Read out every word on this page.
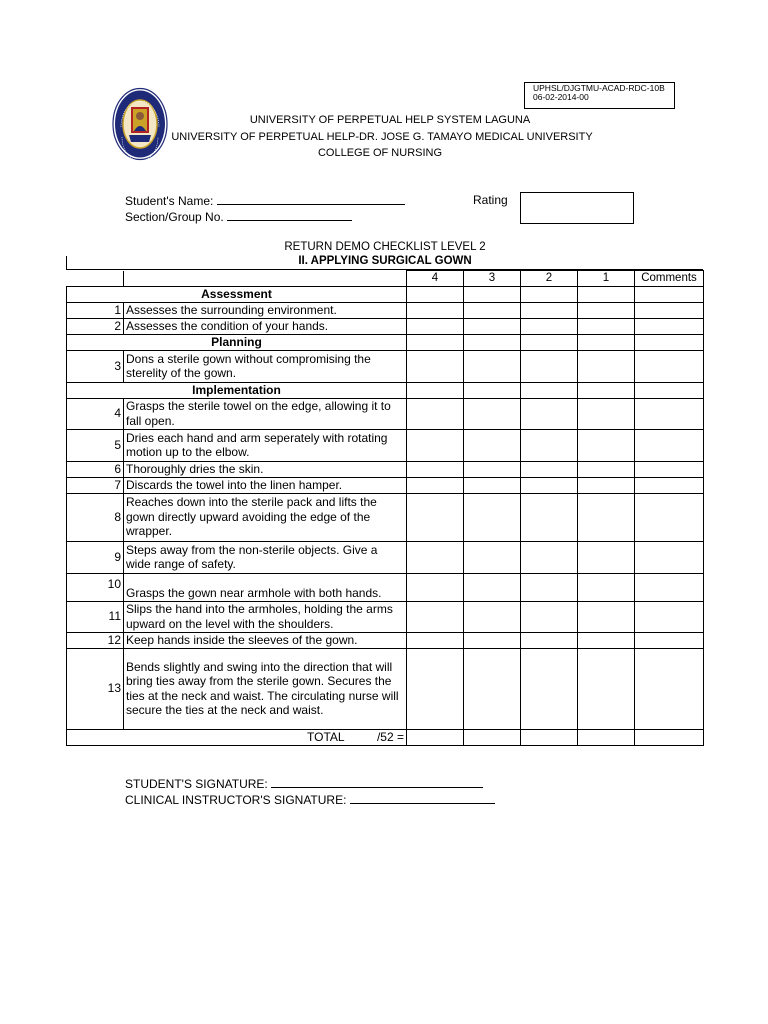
UPHSL/DJGTMU-ACAD-RDC-10B
06-02-2014-00
UNIVERSITY OF PERPETUAL HELP SYSTEM LAGUNA
UNIVERSITY OF PERPETUAL HELP-DR. JOSE G. TAMAYO MEDICAL UNIVERSITY
COLLEGE OF NURSING
Student's Name:
Section/Group No.
Rating
RETURN DEMO CHECKLIST LEVEL 2
II. APPLYING SURGICAL GOWN
		4	3	2	1	Comments
Assessment						
1	Assesses the surrounding environment.					
2	Assesses the condition of your hands.					
Planning						
3	Dons a sterile gown without compromising the sterelity of the gown.					
Implementation						
4	Grasps the sterile towel on the edge, allowing it to fall open.					
5	Dries each hand and arm seperately with rotating motion up to the elbow.					
6	Thoroughly dries the skin.					
7	Discards the towel into the linen hamper.					
8	Reaches down into the sterile pack and lifts the gown directly upward avoiding the edge of the wrapper.					
9	Steps away from the non-sterile objects. Give a wide range of safety.					
10	Grasps the gown near armhole with both hands.					
11	Slips the hand into the armholes, holding the arms upward on the level with the shoulders.					
12	Keep hands inside the sleeves of the gown.					
13	Bends slightly and swing into the direction that will bring ties away from the sterile gown. Secures the ties at the neck and waist. The circulating nurse will secure the ties at the neck and waist.					

TOTAL /52 =						

STUDENT'S SIGNATURE:
CLINICAL INSTRUCTOR'S SIGNATURE:
